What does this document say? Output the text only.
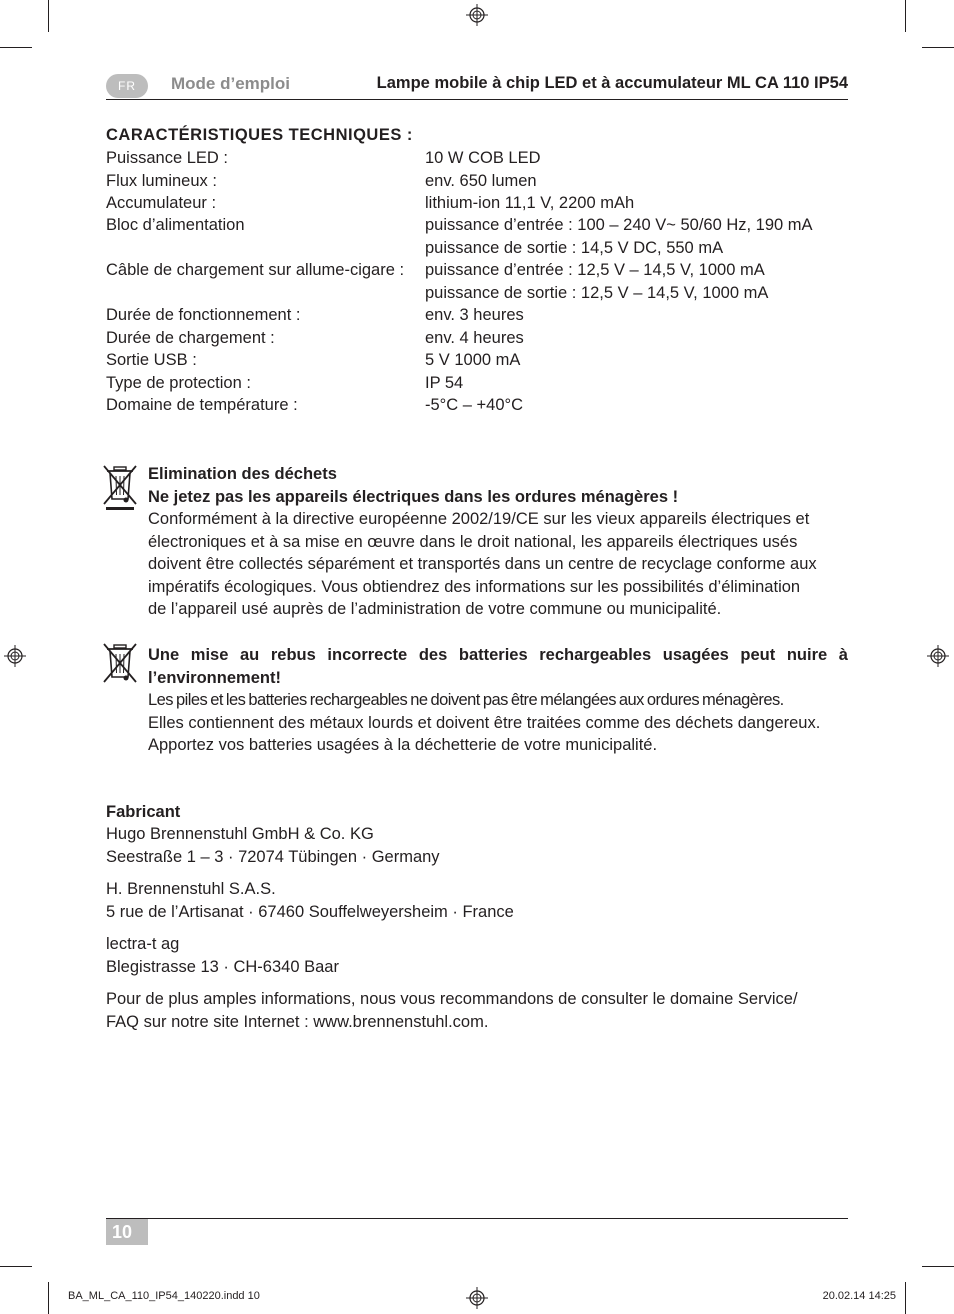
FR	Mode d’emploi	Lampe mobile à chip LED et à accumulateur ML CA 110 IP54
CARACTÉRISTIQUES TECHNIQUES :
Puissance LED :	10 W COB LED
Flux lumineux :	env. 650 lumen
Accumulateur :	lithium-ion 11,1 V, 2200 mAh
Bloc d’alimentation	puissance d’entrée : 100 – 240 V~ 50/60 Hz, 190 mA
puissance de sortie : 14,5 V DC, 550 mA
Câble de chargement sur allume-cigare : puissance d’entrée : 12,5 V – 14,5 V, 1000 mA
puissance de sortie : 12,5 V – 14,5 V, 1000 mA
Durée de fonctionnement :	env. 3 heures
Durée de chargement :	env. 4 heures
Sortie USB :	5 V 1000 mA
Type de protection :	IP 54
Domaine de température :	-5°C – +40°C
Elimination des déchets
Ne jetez pas les appareils électriques dans les ordures ménagères !
Conformément à la directive européenne 2002/19/CE sur les vieux appareils électriques et
électroniques et à sa mise en œuvre dans le droit national, les appareils électriques usés
doivent être collectés séparément et transportés dans un centre de recyclage conforme aux
impératifs écologiques. Vous obtiendrez des informations sur les possibilités d’élimination
de l’appareil usé auprès de l’administration de votre commune ou municipalité.
Une mise au rebus incorrecte des batteries rechargeables usagées peut nuire à
l’environnement!
Les piles et les batteries rechargeables ne doivent pas être mélangées aux ordures ménagères.
Elles contiennent des métaux lourds et doivent être traitées comme des déchets dangereux.
Apportez vos batteries usagées à la déchetterie de votre municipalité.
Fabricant
Hugo Brennenstuhl GmbH & Co. KG
Seestraße 1 – 3 · 72074 Tübingen · Germany
H. Brennenstuhl S.A.S.
5 rue de l’Artisanat · 67460 Souffelweyersheim · France
lectra-t ag
Blegistrasse 13 · CH-6340 Baar
Pour de plus amples informations, nous vous recommandons de consulter le domaine Service/
FAQ sur notre site Internet : www.brennenstuhl.com.
10
BA_ML_CA_110_IP54_140220.indd 10	20.02.14 14:25
